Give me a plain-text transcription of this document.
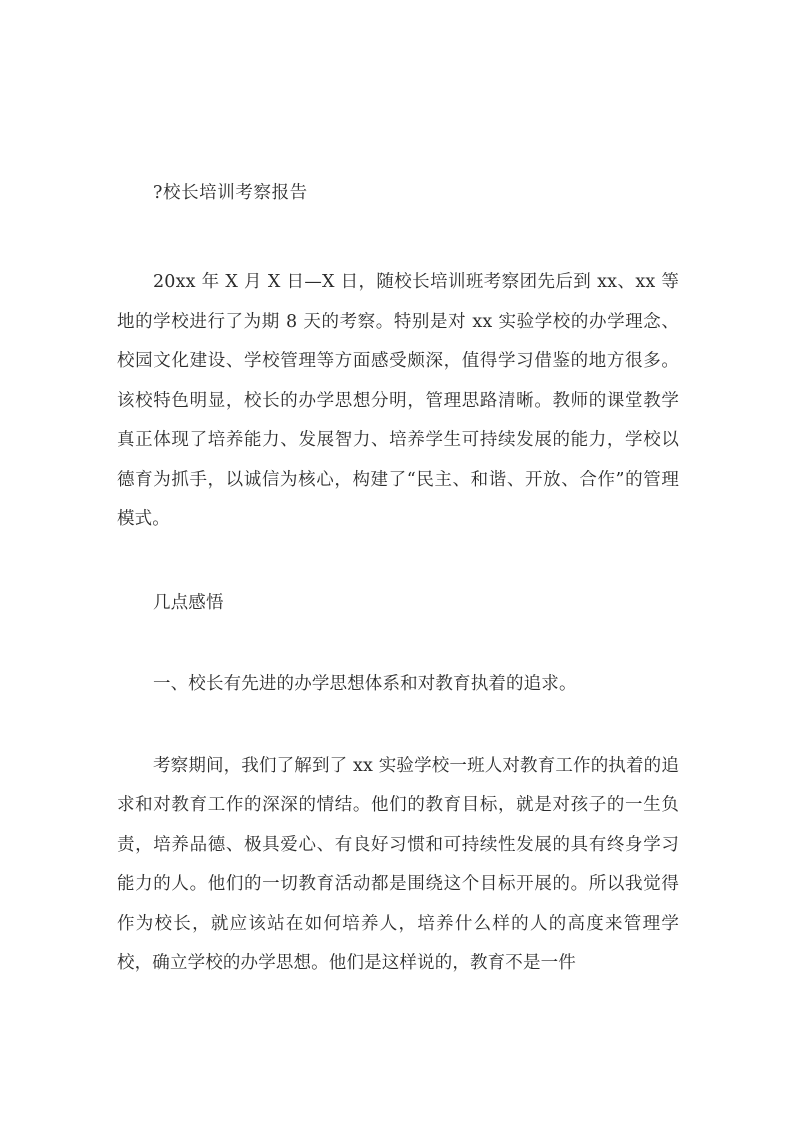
?校长培训考察报告

20xx 年 X 月 X 日—X 日，随校长培训班考察团先后到 xx、xx 等地的学校进行了为期 8 天的考察。特别是对 xx 实验学校的办学理念、校园文化建设、学校管理等方面感受颇深，值得学习借鉴的地方很多。该校特色明显，校长的办学思想分明，管理思路清晰。教师的课堂教学真正体现了培养能力、发展智力、培养学生可持续发展的能力，学校以德育为抓手，以诚信为核心，构建了“民主、和谐、开放、合作”的管理模式。

几点感悟

一、校长有先进的办学思想体系和对教育执着的追求。

考察期间，我们了解到了 xx 实验学校一班人对教育工作的执着的追求和对教育工作的深深的情结。他们的教育目标，就是对孩子的一生负责，培养品德、极具爱心、有良好习惯和可持续性发展的具有终身学习能力的人。他们的一切教育活动都是围绕这个目标开展的。所以我觉得作为校长，就应该站在如何培养人，培养什么样的人的高度来管理学校，确立学校的办学思想。他们是这样说的，教育不是一件
